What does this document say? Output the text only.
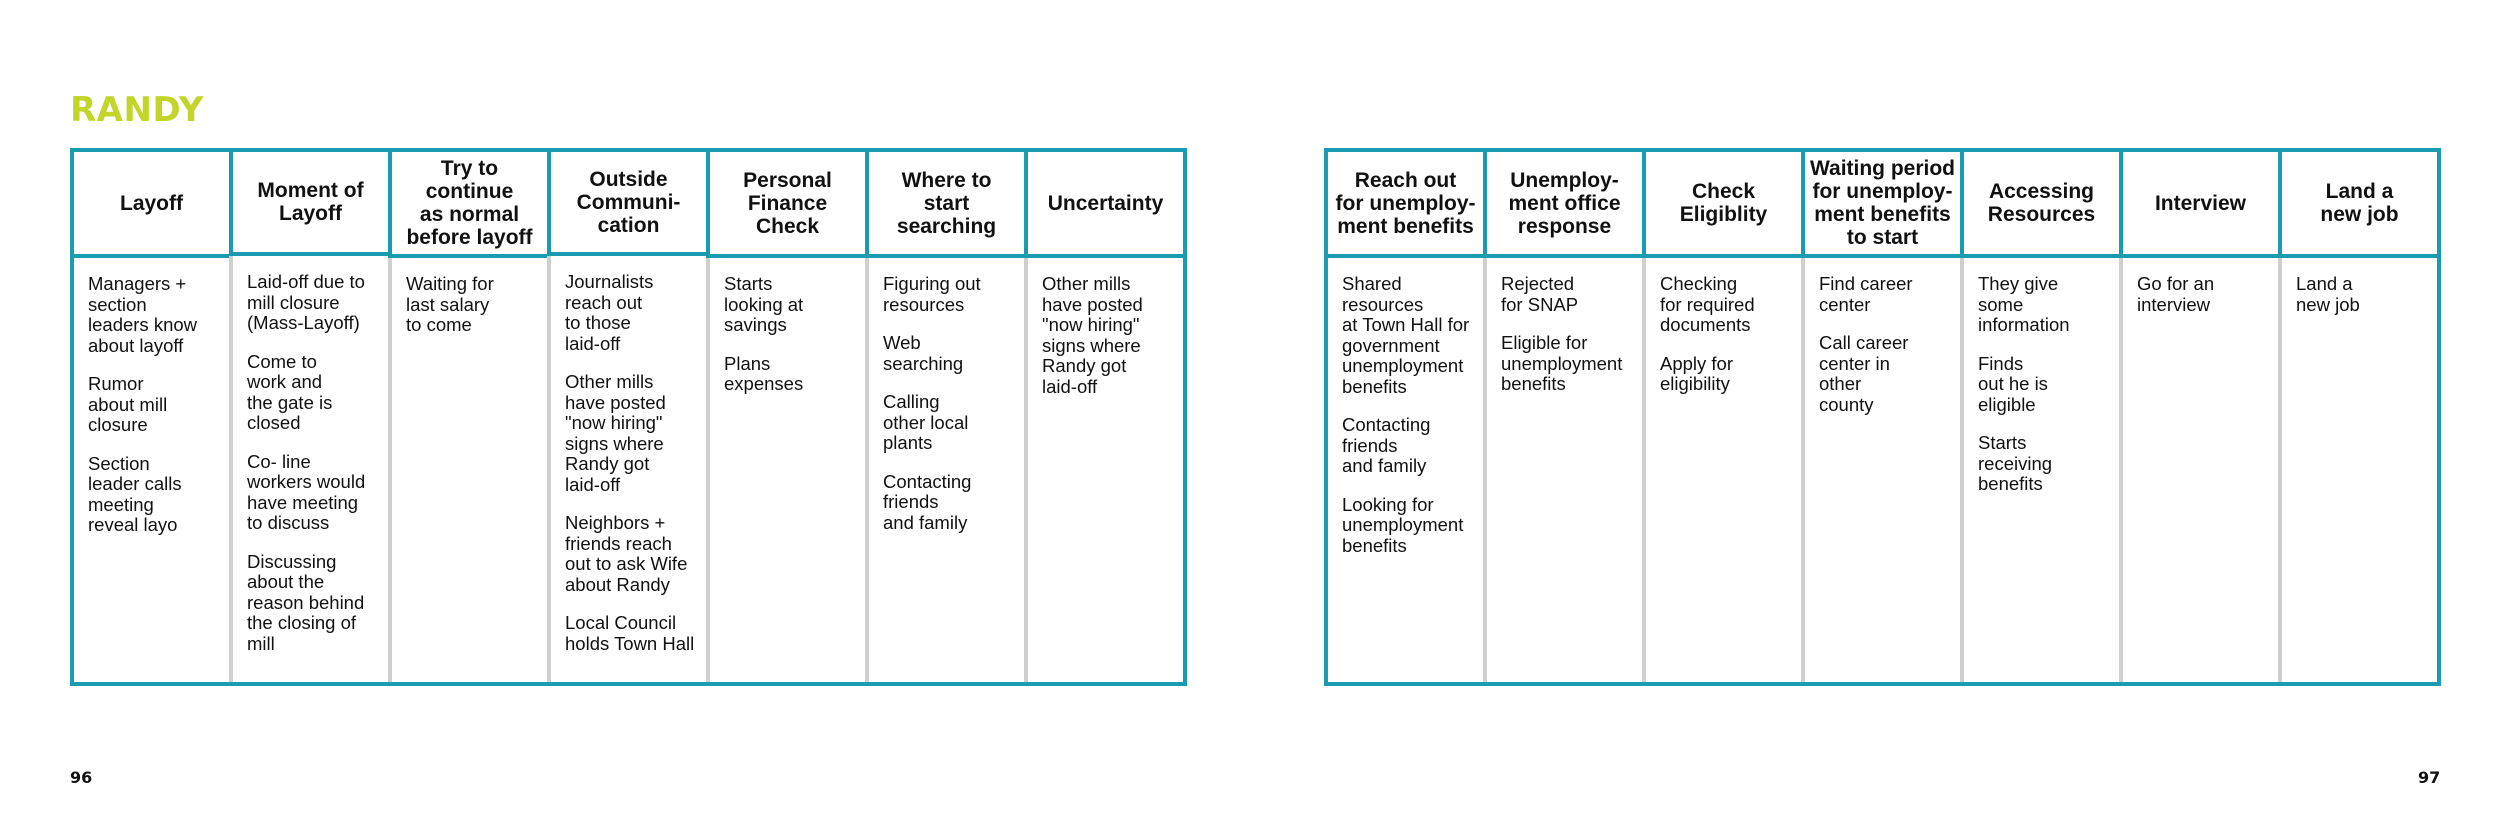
RANDY
Layoff

Managers +
section
leaders know
about layoff

Rumor
about mill
closure

Section
leader calls
meeting
reveal layo

Moment of
Layoff

Laid-off due to
mill closure
(Mass-Layoff)

Come to
work and
the gate is
closed

Co- line
workers would
have meeting
to discuss

Discussing
about the
reason behind
the closing of
mill

Try to continue
as normal
before layoff

Waiting for
last salary
to come

Outside
Communi-
cation

Journalists
reach out
to those
laid-off

Other mills
have posted
"now hiring"
signs where
Randy got
laid-off

Neighbors +
friends reach
out to ask Wife
about Randy

Local Council
holds Town Hall

Personal
Finance
Check

Starts
looking at
savings

Plans
expenses

Where to
start
searching

Figuring out
resources

Web
searching

Calling
other local
plants

Contacting
friends
and family

Uncertainty

Other mills
have posted
"now hiring"
signs where
Randy got
laid-off

Reach out
for unemploy-
ment benefits

Shared
resources
at Town Hall for
government
unemployment
benefits

Contacting
friends
and family

Looking for
unemployment
benefits

Unemploy-
ment office
response

Rejected
for SNAP

Eligible for
unemployment
benefits

Check
Eligiblity

Checking
for required
documents

Apply for
eligibility

Waiting period
for unemploy-
ment benefits
to start

Find career
center

Call career
center in
other
county

Accessing
Resources

They give
some
information

Finds
out he is
eligible

Starts
receiving
benefits

Interview

Go for an
interview

Land a
new job

Land a
new job

96	97
